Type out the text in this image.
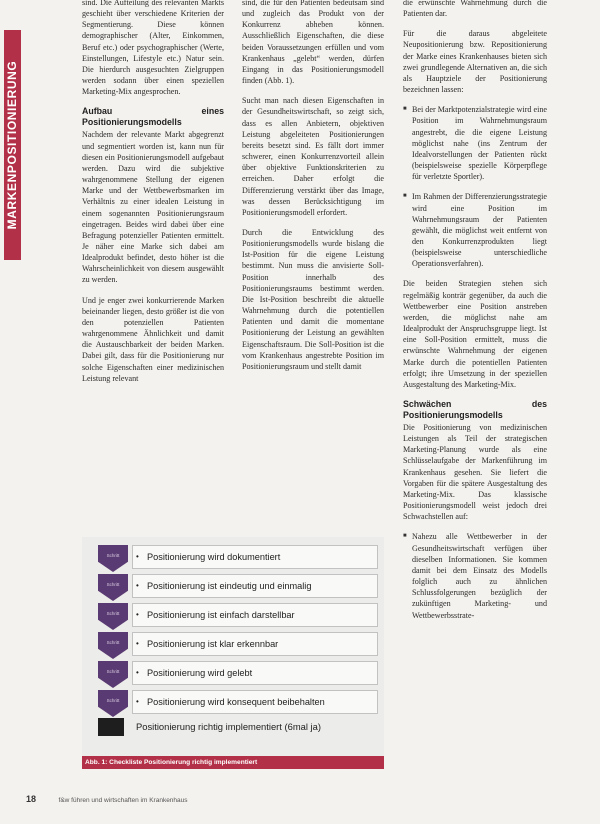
MARKENPOSITIONIERUNG

sind. Die Aufteilung des relevanten Markts geschieht über verschiedene Kriterien der Segmentierung. Diese können demographischer (Alter, Einkommen, Beruf etc.) oder psychographischer (Werte, Einstellungen, Lifestyle etc.) Natur sein. Die hierdurch ausgesuchten Zielgruppen werden sodann über einen speziellen Marketing-Mix angesprochen.

Aufbau eines Positionierungsmodells

Nachdem der relevante Markt abgegrenzt und segmentiert worden ist, kann nun für diesen ein Positionierungsmodell aufgebaut werden. Dazu wird die subjektive wahrgenommene Stellung der eigenen Marke und der Wettbewerbsmarken im Verhältnis zu einer idealen Leistung in einem sogenannten Positionierungsraum eingetragen. Beides wird dabei über eine Befragung potenzieller Patienten ermittelt. Je näher eine Marke sich dabei am Idealprodukt befindet, desto höher ist die Wahrscheinlichkeit von diesem ausgewählt zu werden.

Und je enger zwei konkurrierende Marken beieinander liegen, desto größer ist die von den potenziellen Patienten wahrgenommene Ähnlichkeit und damit die Austauschbarkeit der beiden Marken. Dabei gilt, dass für die Positionierung nur solche Eigenschaften einer medizinischen Leistung relevant

sind, die für den Patienten bedeutsam sind und zugleich das Produkt von der Konkurrenz abheben können. Ausschließlich Eigenschaften, die diese beiden Voraussetzungen erfüllen und vom Krankenhaus „gelebt“ werden, dürfen Eingang in das Positionierungsmodell finden (Abb. 1).

Sucht man nach diesen Eigenschaften in der Gesundheitswirtschaft, so zeigt sich, dass es allen Anbietern, objektiven Leistung abgeleiteten Positionierungen bereits besetzt sind. Es fällt dort immer schwerer, einen Konkurrenzvorteil allein über objektive Funktionskriterien zu erreichen. Daher erfolgt die Differenzierung verstärkt über das Image, was dessen Berücksichtigung im Positionierungsmodell erfordert.

Durch die Entwicklung des Positionierungsmodells wurde bislang die Ist-Position für die eigene Leistung bestimmt. Nun muss die anvisierte Soll-Position innerhalb des Positionierungsraums bestimmt werden. Die Ist-Position beschreibt die aktuelle Wahrnehmung durch die potentiellen Patienten und damit die momentane Positionierung der Leistung an gewählten Eigenschaftsraum. Die Soll-Position ist die vom Krankenhaus angestrebte Position im Positionierungsraum und stellt damit

die erwünschte Wahrnehmung durch die Patienten dar.

Für die daraus abgeleitete Neupositionierung bzw. Repositionierung der Marke eines Krankenhauses bieten sich zwei grundlegende Alternativen an, die sich als Hauptziele der Positionierung bezeichnen lassen:

■ Bei der Marktpotenzialstrategie wird eine Position im Wahrnehmungsraum angestrebt, die die eigene Leistung möglichst nahe (ins Zentrum der Idealvorstellungen der Patienten rückt (beispielsweise spezielle Körperpflege für verletzte Sportler).

■ Im Rahmen der Differenzierungsstrategie wird eine Position im Wahrnehmungsraum der Patienten gewählt, die möglichst weit entfernt von den Konkurrenzprodukten liegt (beispielsweise unterschiedliche Operationsverfahren).

Die beiden Strategien stehen sich regelmäßig konträr gegenüber, da auch die Wettbewerber eine Position anstreben werden, die möglichst nahe am Idealprodukt der Anspruchsgruppe liegt. Ist eine Soll-Position ermittelt, muss die erwünschte Wahrnehmung der eigenen Marke durch die potentiellen Patienten erfolgt; ihre Umsetzung in der speziellen Ausgestaltung des Marketing-Mix.

Schwächen des Positionierungsmodells

Die Positionierung von medizinischen Leistungen als Teil der strategischen Marketing-Planung wurde als eine Schlüsselaufgabe der Markenführung im Krankenhaus gesehen. Sie liefert die Vorgaben für die spätere Ausgestaltung des Marketing-Mix. Das klassische Positionierungsmodell weist jedoch drei Schwachstellen auf:

■ Nahezu alle Wettbewerber in der Gesundheitswirtschaft verfügen über dieselben Informationen. Sie kommen damit bei dem Einsatz des Modells folglich auch zu ähnlichen Schlussfolgerungen bezüglich der zukünftigen Marketing- und Wettbewerbsstrate-

Schritt	• Positionierung wird dokumentiert
Schritt	• Positionierung ist eindeutig und einmalig
Schritt	• Positionierung ist einfach darstellbar
Schritt	• Positionierung ist klar erkennbar
Schritt	• Positionierung wird gelebt
Schritt	• Positionierung wird konsequent beibehalten
Positionierung richtig implementiert (6mal ja)
Abb. 1: Checkliste Positionierung richtig implementiert
18	f&w führen und wirtschaften im Krankenhaus
